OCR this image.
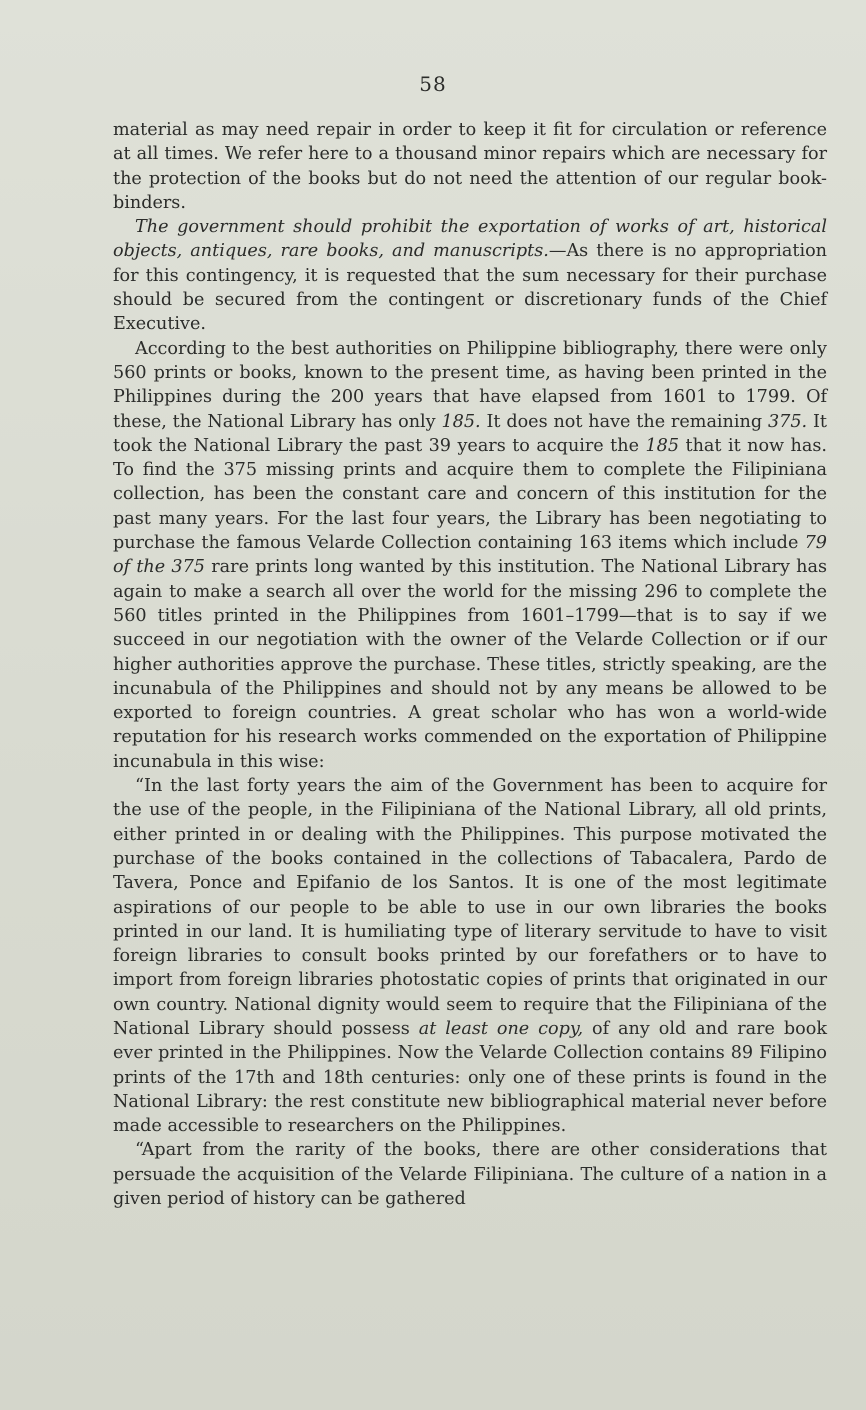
58

material as may need repair in order to keep it fit for circulation or reference at all times. We refer here to a thousand minor repairs which are necessary for the protection of the books but do not need the attention of our regular book-binders.

The government should prohibit the exportation of works of art, historical objects, antiques, rare books, and manuscripts.—As there is no appropriation for this contingency, it is requested that the sum necessary for their purchase should be secured from the contingent or discretionary funds of the Chief Executive.

According to the best authorities on Philippine bibliography, there were only 560 prints or books, known to the present time, as having been printed in the Philippines during the 200 years that have elapsed from 1601 to 1799. Of these, the National Library has only 185. It does not have the remaining 375. It took the National Library the past 39 years to acquire the 185 that it now has. To find the 375 missing prints and acquire them to complete the Filipiniana collection, has been the constant care and concern of this institution for the past many years. For the last four years, the Library has been negotiating to purchase the famous Velarde Collection containing 163 items which include 79 of the 375 rare prints long wanted by this institution. The National Library has again to make a search all over the world for the missing 296 to complete the 560 titles printed in the Philippines from 1601–1799—that is to say if we succeed in our negotiation with the owner of the Velarde Collection or if our higher authorities approve the purchase. These titles, strictly speaking, are the incunabula of the Philippines and should not by any means be allowed to be exported to foreign countries. A great scholar who has won a world-wide reputation for his research works commended on the exportation of Philippine incunabula in this wise:

“In the last forty years the aim of the Government has been to acquire for the use of the people, in the Filipiniana of the National Library, all old prints, either printed in or dealing with the Philippines. This purpose motivated the purchase of the books contained in the collections of Tabacalera, Pardo de Tavera, Ponce and Epifanio de los Santos. It is one of the most legitimate aspirations of our people to be able to use in our own libraries the books printed in our land. It is humiliating type of literary servitude to have to visit foreign libraries to consult books printed by our forefathers or to have to import from foreign libraries photostatic copies of prints that originated in our own country. National dignity would seem to require that the Filipiniana of the National Library should possess at least one copy, of any old and rare book ever printed in the Philippines. Now the Velarde Collection contains 89 Filipino prints of the 17th and 18th centuries: only one of these prints is found in the National Library: the rest constitute new bibliographical material never before made accessible to researchers on the Philippines.

“Apart from the rarity of the books, there are other considerations that persuade the acquisition of the Velarde Filipiniana. The culture of a nation in a given period of history can be gathered
